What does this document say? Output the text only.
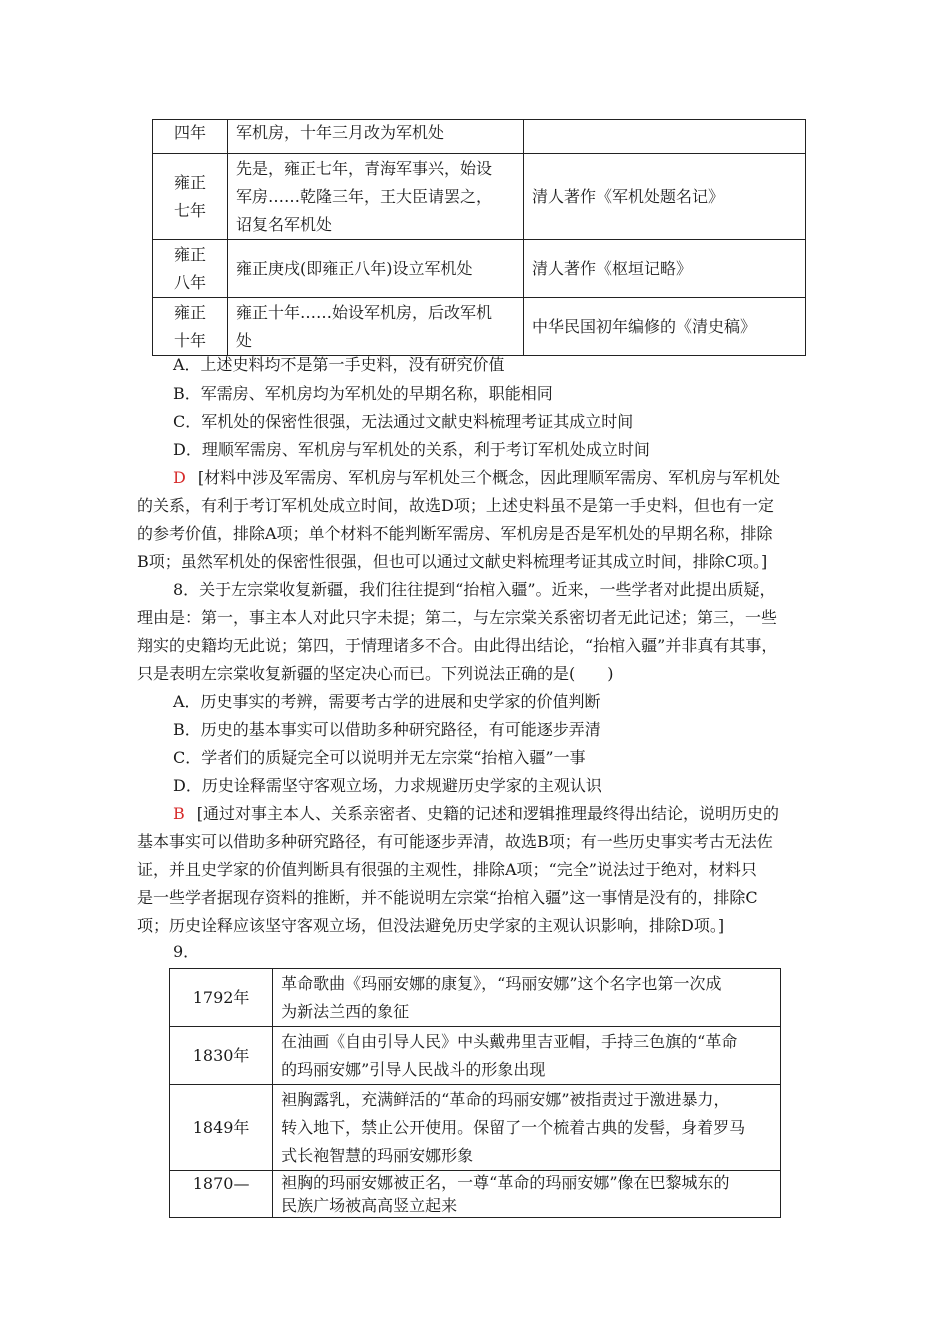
四年	军机房，十年三月改为军机处	
雍正
七年	先是，雍正七年，青海军事兴，始设
军房……乾隆三年，王大臣请罢之，
诏复名军机处	清人著作《军机处题名记》
雍正
八年	雍正庚戌(即雍正八年)设立军机处	清人著作《枢垣记略》
雍正
十年	雍正十年……始设军机房，后改军机
处	中华民国初年编修的《清史稿》
A．上述史料均不是第一手史料，没有研究价值
B．军需房、军机房均为军机处的早期名称，职能相同
C．军机处的保密性很强，无法通过文献史料梳理考证其成立时间
D．理顺军需房、军机房与军机处的关系，利于考订军机处成立时间
D [材料中涉及军需房、军机房与军机处三个概念，因此理顺军需房、军机房与军机处
的关系，有利于考订军机处成立时间，故选D项；上述史料虽不是第一手史料，但也有一定
的参考价值，排除A项；单个材料不能判断军需房、军机房是否是军机处的早期名称，排除
B项；虽然军机处的保密性很强，但也可以通过文献史料梳理考证其成立时间，排除C项。]
8．关于左宗棠收复新疆，我们往往提到“抬棺入疆”。近来，一些学者对此提出质疑，
理由是：第一，事主本人对此只字未提；第二，与左宗棠关系密切者无此记述；第三，一些
翔实的史籍均无此说；第四，于情理诸多不合。由此得出结论，“抬棺入疆”并非真有其事，
只是表明左宗棠收复新疆的坚定决心而已。下列说法正确的是(　　)
A．历史事实的考辨，需要考古学的进展和史学家的价值判断
B．历史的基本事实可以借助多种研究路径，有可能逐步弄清
C．学者们的质疑完全可以说明并无左宗棠“抬棺入疆”一事
D．历史诠释需坚守客观立场，力求规避历史学家的主观认识
B [通过对事主本人、关系亲密者、史籍的记述和逻辑推理最终得出结论，说明历史的
基本事实可以借助多种研究路径，有可能逐步弄清，故选B项；有一些历史事实考古无法佐
证，并且史学家的价值判断具有很强的主观性，排除A项；“完全”说法过于绝对，材料只
是一些学者据现存资料的推断，并不能说明左宗棠“抬棺入疆”这一事情是没有的，排除C
项；历史诠释应该坚守客观立场，但没法避免历史学家的主观认识影响，排除D项。]
9．
1792年	革命歌曲《玛丽安娜的康复》，“玛丽安娜”这个名字也第一次成
为新法兰西的象征
1830年	在油画《自由引导人民》中头戴弗里吉亚帽，手持三色旗的“革命
的玛丽安娜”引导人民战斗的形象出现
1849年	袒胸露乳，充满鲜活的“革命的玛丽安娜”被指责过于激进暴力，
转入地下，禁止公开使用。保留了一个梳着古典的发髻，身着罗马
式长袍智慧的玛丽安娜形象
1870—	袒胸的玛丽安娜被正名，一尊“革命的玛丽安娜”像在巴黎城东的
民族广场被高高竖立起来
